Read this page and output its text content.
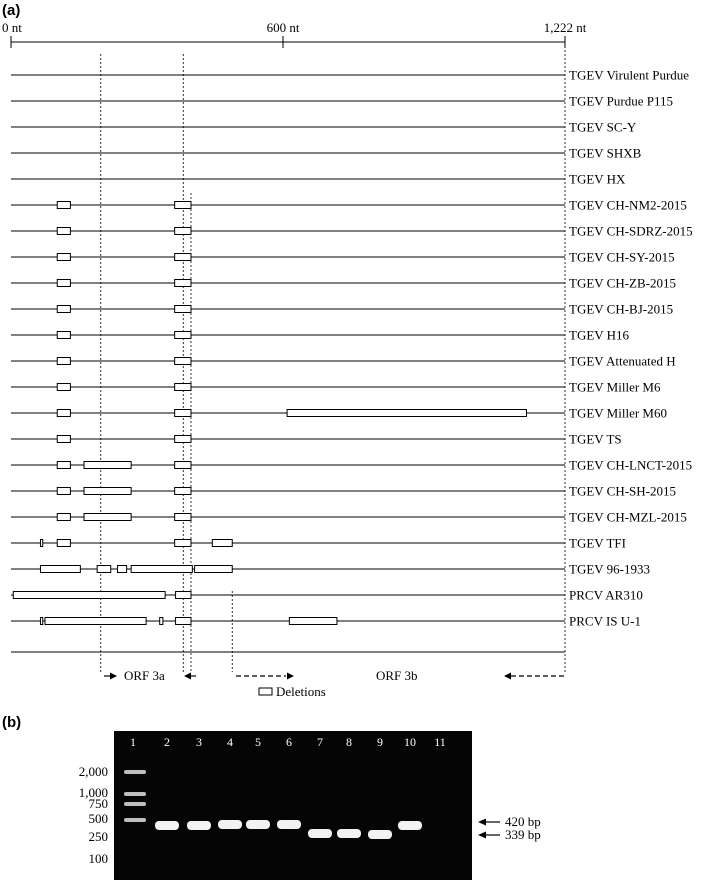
(a)
0 nt	600 nt	1,222 nt
TGEV Virulent Purdue
TGEV Purdue P115
TGEV SC-Y
TGEV SHXB
TGEV HX
TGEV CH-NM2-2015
TGEV CH-SDRZ-2015
TGEV CH-SY-2015
TGEV CH-ZB-2015
TGEV CH-BJ-2015
TGEV H16
TGEV Attenuated H
TGEV Miller M6
TGEV Miller M60
TGEV TS
TGEV CH-LNCT-2015
TGEV CH-SH-2015
TGEV CH-MZL-2015
TGEV TFI
TGEV 96-1933
PRCV AR310
PRCV IS U-1
ORF 3a	ORF 3b
Deletions
(b)
1 2 3 4 5 6 7 8 9 10 11
2,000
1,000
750
500
250
100
420 bp
339 bp
